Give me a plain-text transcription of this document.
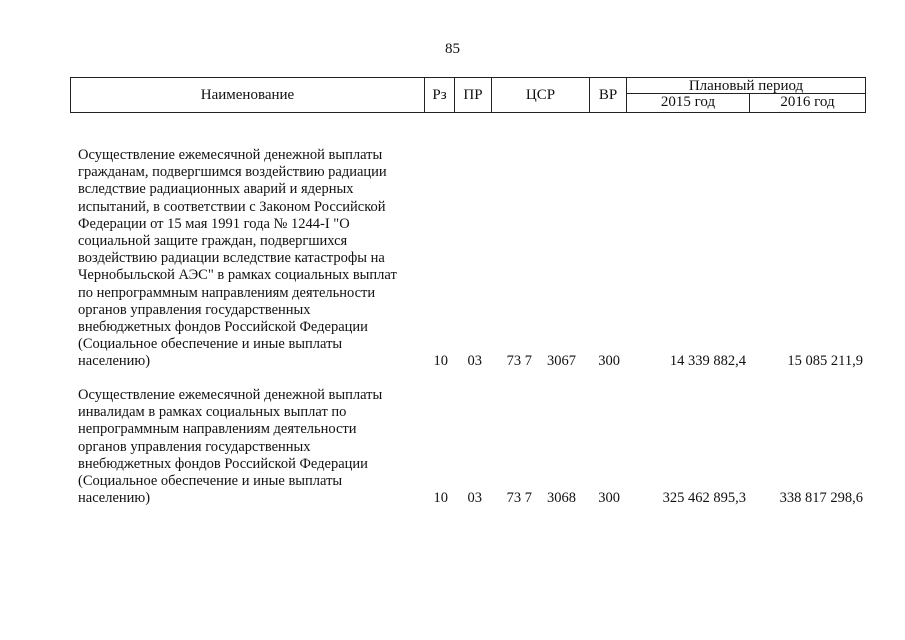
85
Наименование	Рз	ПР	ЦСР	ВР
Плановый период
2015 год	2016 год
Осуществление ежемесячной денежной выплаты
гражданам, подвергшимся воздействию радиации
вследствие радиационных аварий и ядерных
испытаний, в соответствии с Законом Российской
Федерации от 15 мая 1991 года № 1244-I "О
социальной защите граждан, подвергшихся
воздействию радиации вследствие катастрофы на
Чернобыльской АЭС" в рамках социальных выплат
по непрограммным направлениям деятельности
органов управления государственных
внебюджетных фондов Российской Федерации
(Социальное обеспечение и иные выплаты
населению)	10	03	73 7	3067	300	14 339 882,4	15 085 211,9
Осуществление ежемесячной денежной выплаты
инвалидам в рамках социальных выплат по
непрограммным направлениям деятельности
органов управления государственных
внебюджетных фондов Российской Федерации
(Социальное обеспечение и иные выплаты
населению)	10	03	73 7	3068	300	325 462 895,3	338 817 298,6
